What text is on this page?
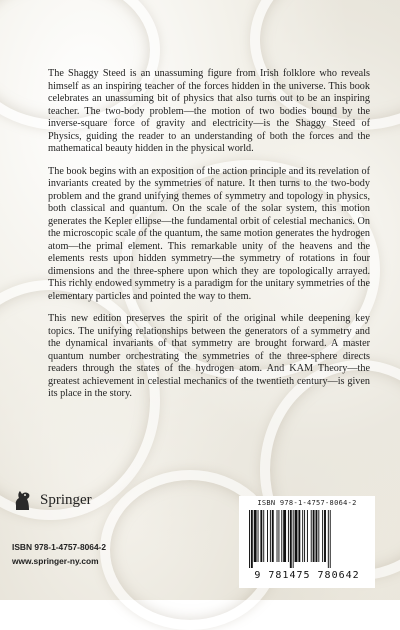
The Shaggy Steed is an unassuming figure from Irish folklore who reveals himself as an inspiring teacher of the forces hidden in the universe. This book celebrates an unassuming bit of physics that also turns out to be an inspiring teacher. The two-body problem—the motion of two bodies bound by the inverse-square force of gravity and electricity—is the Shaggy Steed of Physics, guiding the reader to an understanding of both the forces and the mathematical beauty hidden in the physical world.

The book begins with an exposition of the action principle and its revelation of invariants created by the symmetries of nature. It then turns to the two-body problem and the grand unifying themes of symmetry and topology in physics, both classical and quantum. On the scale of the solar system, this motion generates the Kepler ellipse—the fundamental orbit of celestial mechanics. On the microscopic scale of the quantum, the same motion generates the hydrogen atom—the primal element. This remarkable unity of the heavens and the elements rests upon hidden symmetry—the symmetry of rotations in four dimensions and the three-sphere upon which they are topologically arrayed. This richly endowed symmetry is a paradigm for the unitary symmetries of the elementary particles and pointed the way to them.

This new edition preserves the spirit of the original while deepening key topics. The unifying relationships between the generators of a symmetry and the dynamical invariants of that symmetry are brought forward. A master quantum number orchestrating the symmetries of the three-sphere directs readers through the states of the hydrogen atom. And KAM Theory—the greatest achievement in celestial mechanics of the twentieth century—is given its place in the story.

Springer
ISBN 978-1-4757-8064-2
www.springer-ny.com
ISBN 978-1-4757-8064-2
9 781475 780642
